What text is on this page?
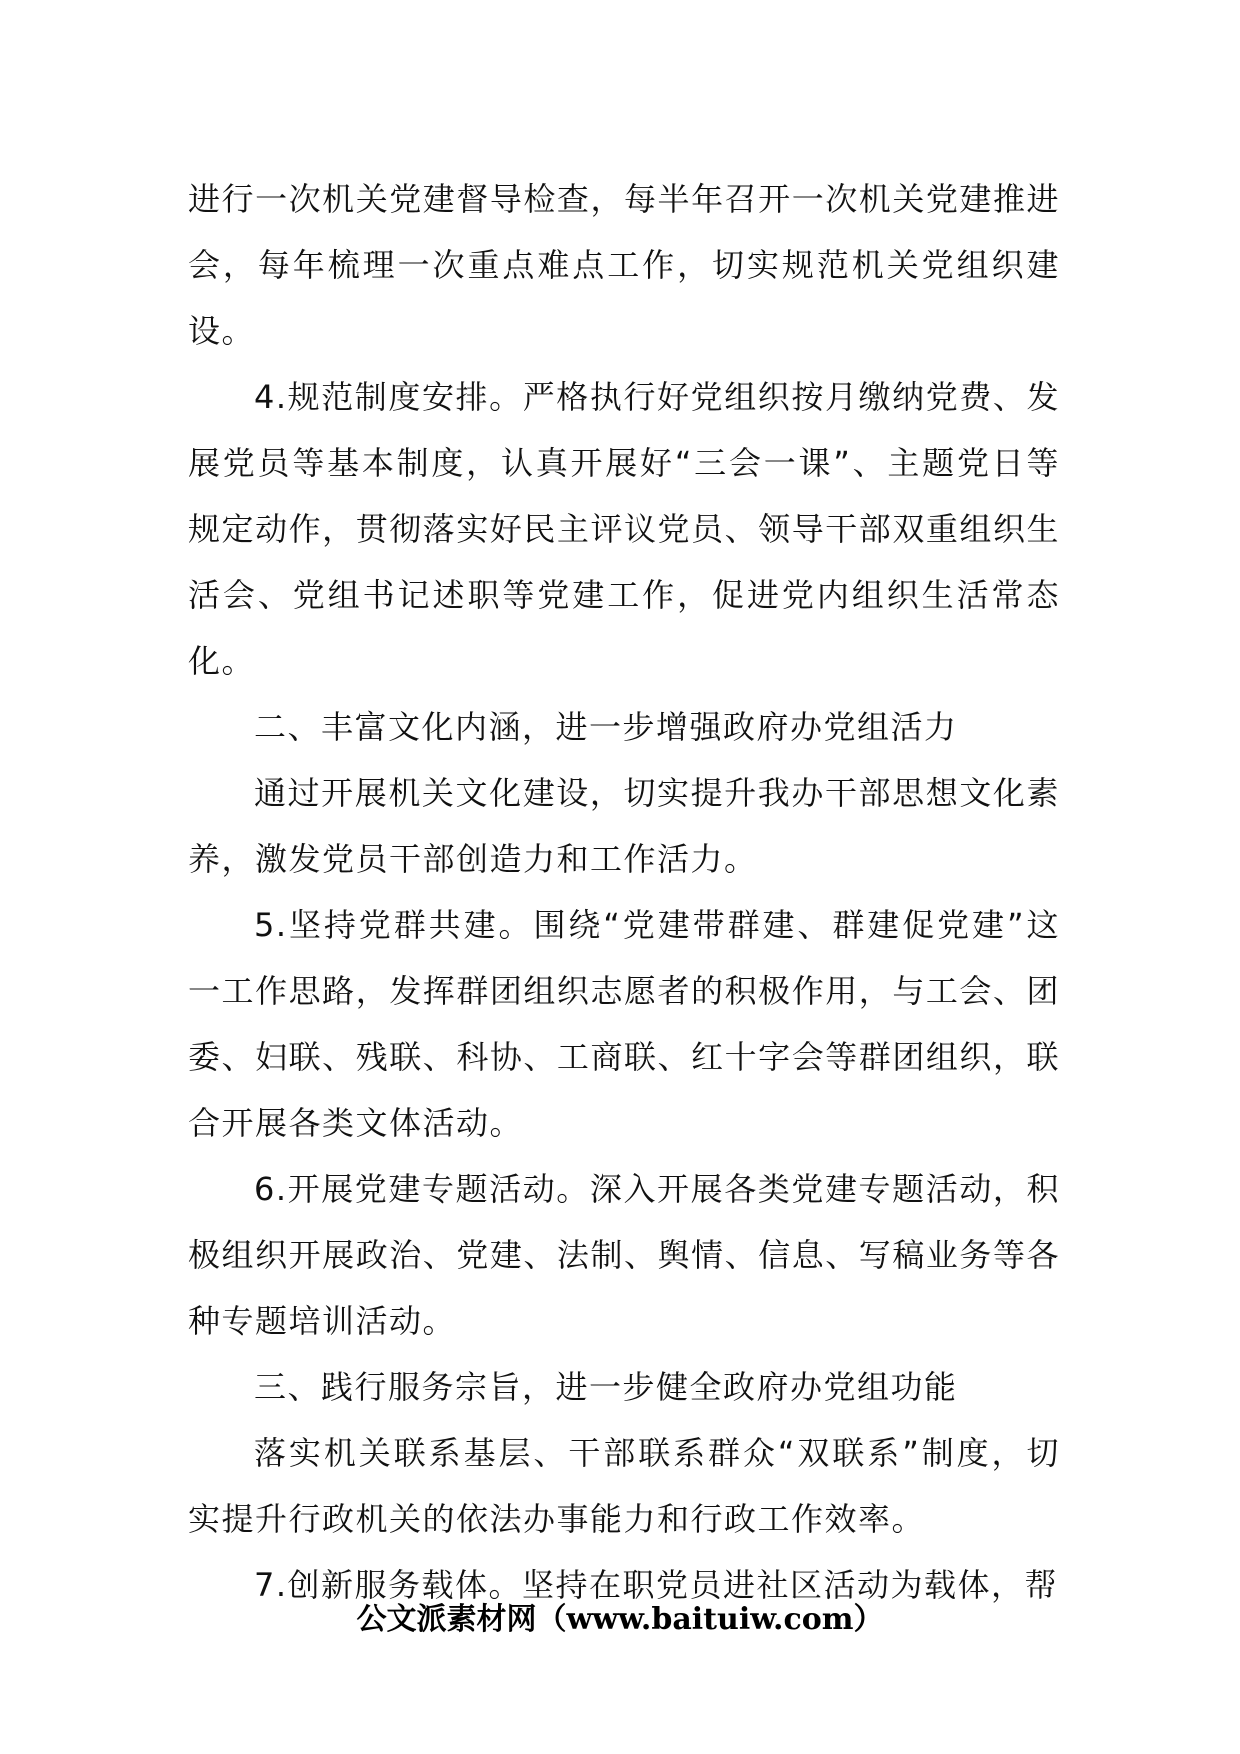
进行一次机关党建督导检查，每半年召开一次机关党建推进会，每年梳理一次重点难点工作，切实规范机关党组织建设。

4.规范制度安排。严格执行好党组织按月缴纳党费、发展党员等基本制度，认真开展好“三会一课”、主题党日等规定动作，贯彻落实好民主评议党员、领导干部双重组织生活会、党组书记述职等党建工作，促进党内组织生活常态化。

二、丰富文化内涵，进一步增强政府办党组活力

通过开展机关文化建设，切实提升我办干部思想文化素养，激发党员干部创造力和工作活力。

5.坚持党群共建。围绕“党建带群建、群建促党建”这一工作思路，发挥群团组织志愿者的积极作用，与工会、团委、妇联、残联、科协、工商联、红十字会等群团组织，联合开展各类文体活动。

6.开展党建专题活动。深入开展各类党建专题活动，积极组织开展政治、党建、法制、舆情、信息、写稿业务等各种专题培训活动。

三、践行服务宗旨，进一步健全政府办党组功能

落实机关联系基层、干部联系群众“双联系”制度，切实提升行政机关的依法办事能力和行政工作效率。

7.创新服务载体。坚持在职党员进社区活动为载体，帮

公文派素材网（www.baituiw.com）
